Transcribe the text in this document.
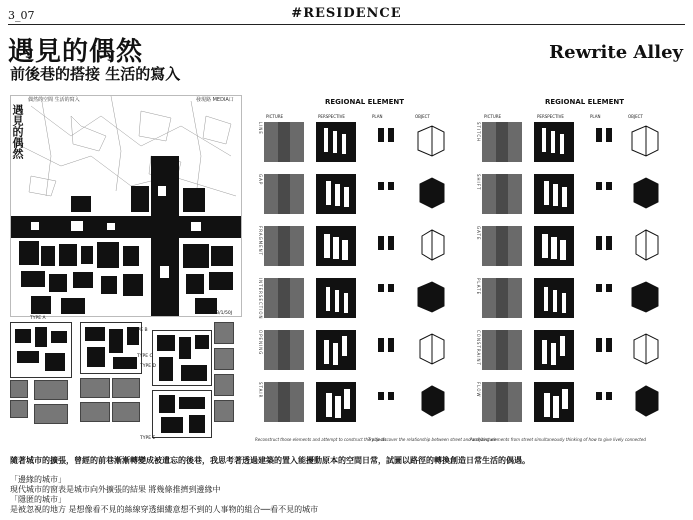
3_07	#RESIDENCE
遇見的偶然
前後巷的搭接 生活的寫入
Rewrite Alley
偶然的空間 生活的寫入	發現路 MEDIA口
遇見的偶然
SITE 3/1/50J
TYPE A
TYPE B
TYPE C
TYPE D
TYPE E
REGIONAL ELEMENT
PICTURE	PERSPECTIVE	PLAN	OBJECT
LINE
GAP
FRAGMENT
INTERSECTION
OPENING
STAIR
REGIONAL ELEMENT
PICTURE	PERSPECTIVE	PLAN	OBJECT
STITCH
SHIFT
GATE
PLATE
CONSTRAINT
FLOW
Reconstruct those elements and attempt to construct the objects
Try to discover the relationship between street and architecture
Analyzing elements from street simultaneously thinking of how to give lively connected
隨著城市的擴張，曾經的前巷漸漸轉變成被遺忘的後巷，我思考著透過建築的置入能擾動原本的空間日常，試圖以路徑的轉換創造日常生活的偶遇。
「邊緣的城市」
現代城市的窗表是城市向外擴張的結果 將幾條推擠到邊緣中
「隱匿的城市」
是被忽視的地方 是想像看不見的絲線穿透細縷意想不到的人事物的組合──看不見的城市
